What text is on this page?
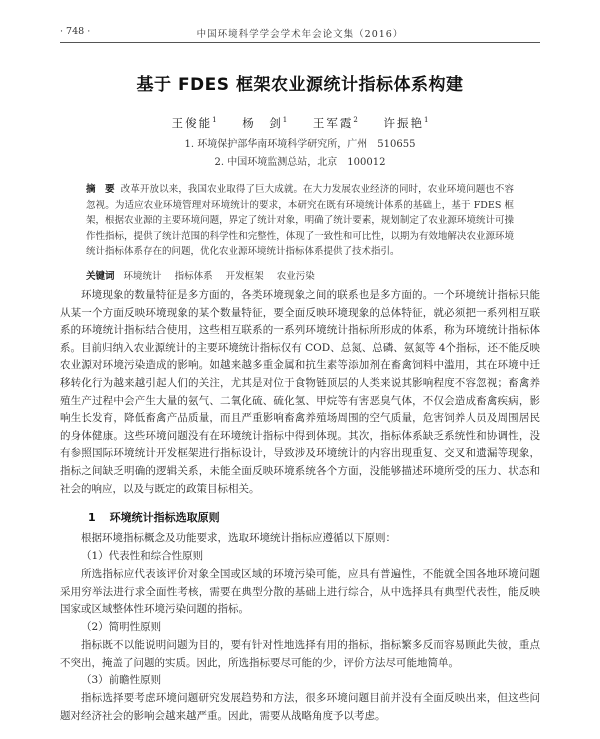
· 748 ·	中国环境科学学会学术年会论文集（2016）
基于 FDES 框架农业源统计指标体系构建
王俊能$^1$ 杨　剑$^1$ 王军霞$^2$ 许振艳$^1$
1. 环境保护部华南环境科学研究所，广州　510655
2. 中国环境监测总站，北京　100012
摘　要 改革开放以来，我国农业取得了巨大成就。在大力发展农业经济的同时，农业环境问题也不容忽视。为适应农业环境管理对环境统计的要求，本研究在既有环境统计体系的基础上，基于 FDES 框架，根据农业源的主要环境问题，界定了统计对象，明确了统计要素，规划制定了农业源环境统计可操作性指标，提供了统计范围的科学性和完整性，体现了一致性和可比性，以期为有效地解决农业源环境统计指标体系存在的问题，优化农业源环境统计指标体系提供了技术指引。
关键词 环境统计 指标体系 开发框架 农业污染
环境现象的数量特征是多方面的，各类环境现象之间的联系也是多方面的。一个环境统计指标只能从某一个方面反映环境现象的某个数量特征，要全面反映环境现象的总体特征，就必须把一系列相互联系的环境统计指标结合使用，这些相互联系的一系列环境统计指标所形成的体系，称为环境统计指标体系。目前归纳入农业源统计的主要环境统计指标仅有 COD、总氮、总磷、氨氮等 4个指标，还不能反映农业源对环境污染造成的影响。如越来越多重金属和抗生素等添加剂在畜禽饲料中滥用，其在环境中迁移转化行为越来越引起人们的关注，尤其是对位于食物链顶层的人类来说其影响程度不容忽视；畜禽养殖生产过程中会产生大量的氨气、二氧化硫、硫化氢、甲烷等有害恶臭气体，不仅会造成畜禽疾病，影响生长发育，降低畜禽产品质量，而且严重影响畜禽养殖场周围的空气质量，危害饲养人员及周围居民的身体健康。这些环境问题没有在环境统计指标中得到体现。其次，指标体系缺乏系统性和协调性，没有参照国际环境统计开发框架进行指标设计，导致涉及环境统计的内容出现重复、交叉和遗漏等现象，指标之间缺乏明确的逻辑关系，未能全面反映环境系统各个方面，没能够描述环境所受的压力、状态和社会的响应，以及与既定的政策目标相关。
1 环境统计指标选取原则
根据环境指标概念及功能要求，选取环境统计指标应遵循以下原则：
（1）代表性和综合性原则
所选指标应代表该评价对象全国或区域的环境污染可能，应具有普遍性，不能就全国各地环境问题采用穷举法进行求全面性考核，需要在典型分散的基础上进行综合，从中选择具有典型代表性，能反映国家或区域整体性环境污染问题的指标。
（2）简明性原则
指标既不以能说明问题为目的，要有针对性地选择有用的指标，指标繁多反而容易顾此失彼，重点不突出，掩盖了问题的实质。因此，所选指标要尽可能的少，评价方法尽可能地简单。
（3）前瞻性原则
指标选择要考虑环境问题研究发展趋势和方法，很多环境问题目前并没有全面反映出来，但这些问题对经济社会的影响会越来越严重。因此，需要从战略角度予以考虑。
